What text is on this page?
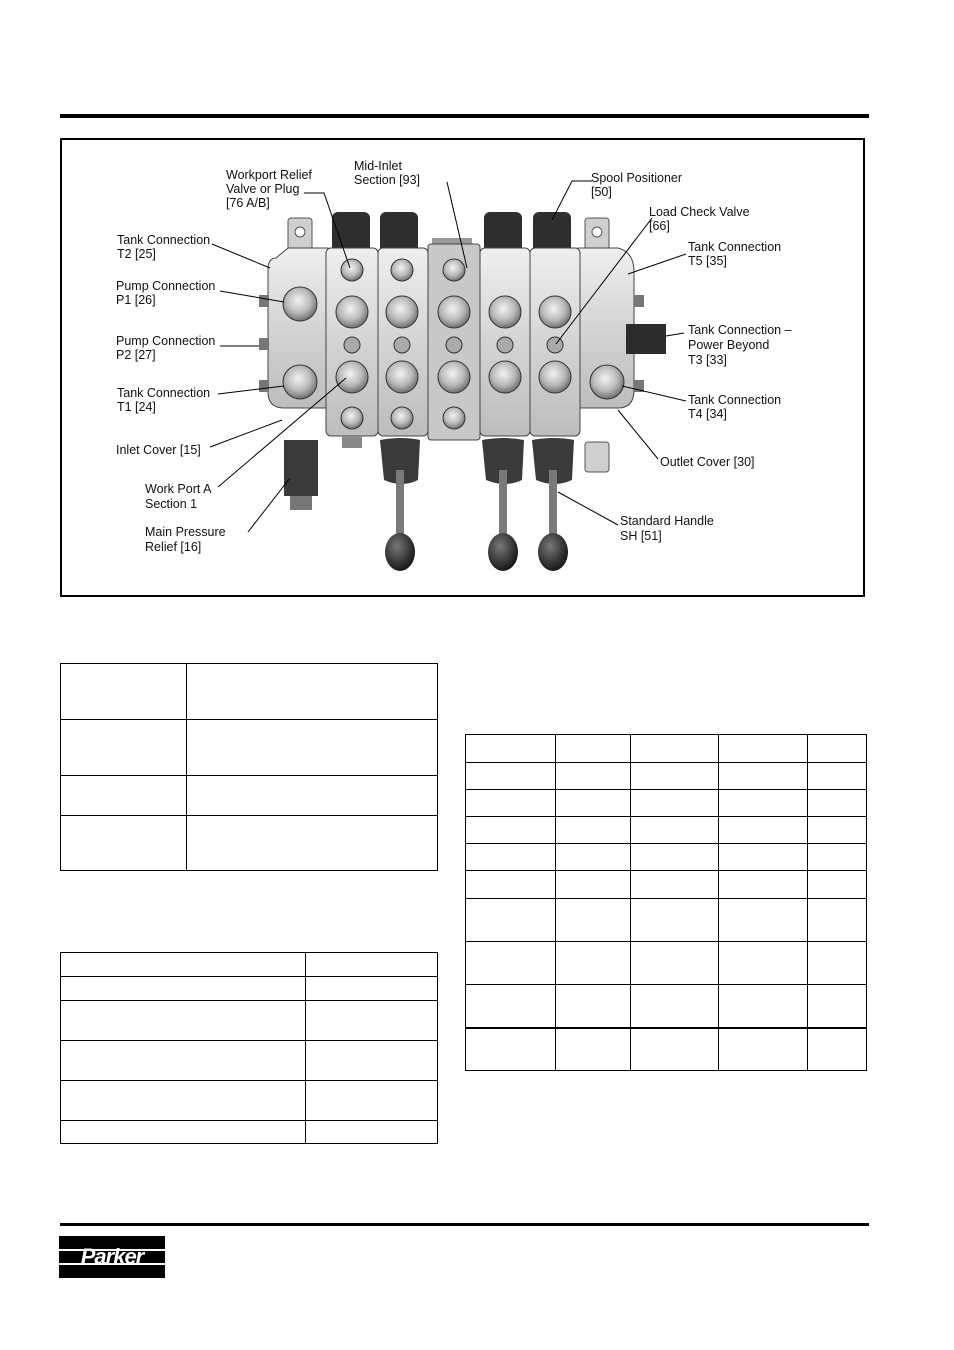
Workport Relief
Valve or Plug
[76 A/B]
Mid-Inlet
Section [93]	Spool Positioner
[50]
Load Check Valve
[66]
Tank Connection
T2 [25]	Tank Connection
T5 [35]
Pump Connection
P1 [26]
Pump Connection
P2 [27]
Tank Connection –
Power Beyond
T3 [33]
Tank Connection
T1 [24]	Tank Connection
T4 [34]
Inlet Cover [15]
Outlet Cover [30]
Work Port A
Section 1
Main Pressure
Relief [16]
Standard Handle
SH [51]

Parker
